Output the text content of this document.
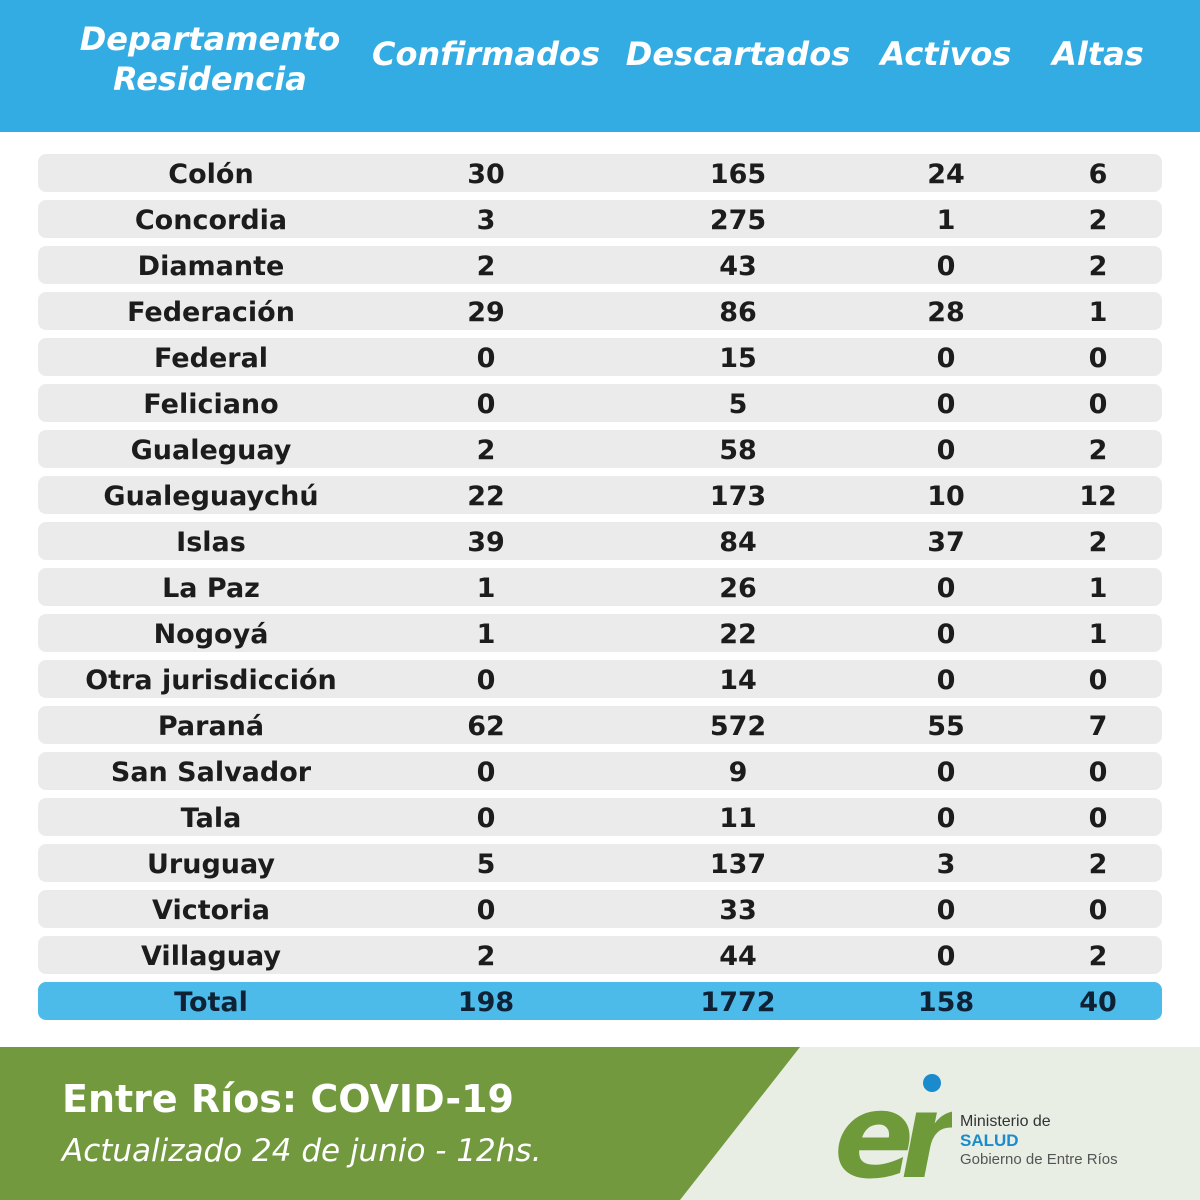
Departamento
Residencia
Confirmados Descartados Activos Altas
Colón	30	165	24	6
Concordia	3	275	1	2
Diamante	2	43	0	2
Federación	29	86	28	1
Federal	0	15	0	0
Feliciano	0	5	0	0
Gualeguay	2	58	0	2
Gualeguaychú	22	173	10	12
Islas	39	84	37	2
La Paz	1	26	0	1
Nogoyá	1	22	0	1
Otra jurisdicción	0	14	0	0
Paraná	62	572	55	7
San Salvador	0	9	0	0
Tala	0	11	0	0
Uruguay	5	137	3	2
Victoria	0	33	0	0
Villaguay	2	44	0	2
Total	198	1772	158	40
Entre Ríos: COVID-19
Actualizado 24 de junio - 12hs. er Ministerio de
SALUD
Gobierno de Entre Ríos
